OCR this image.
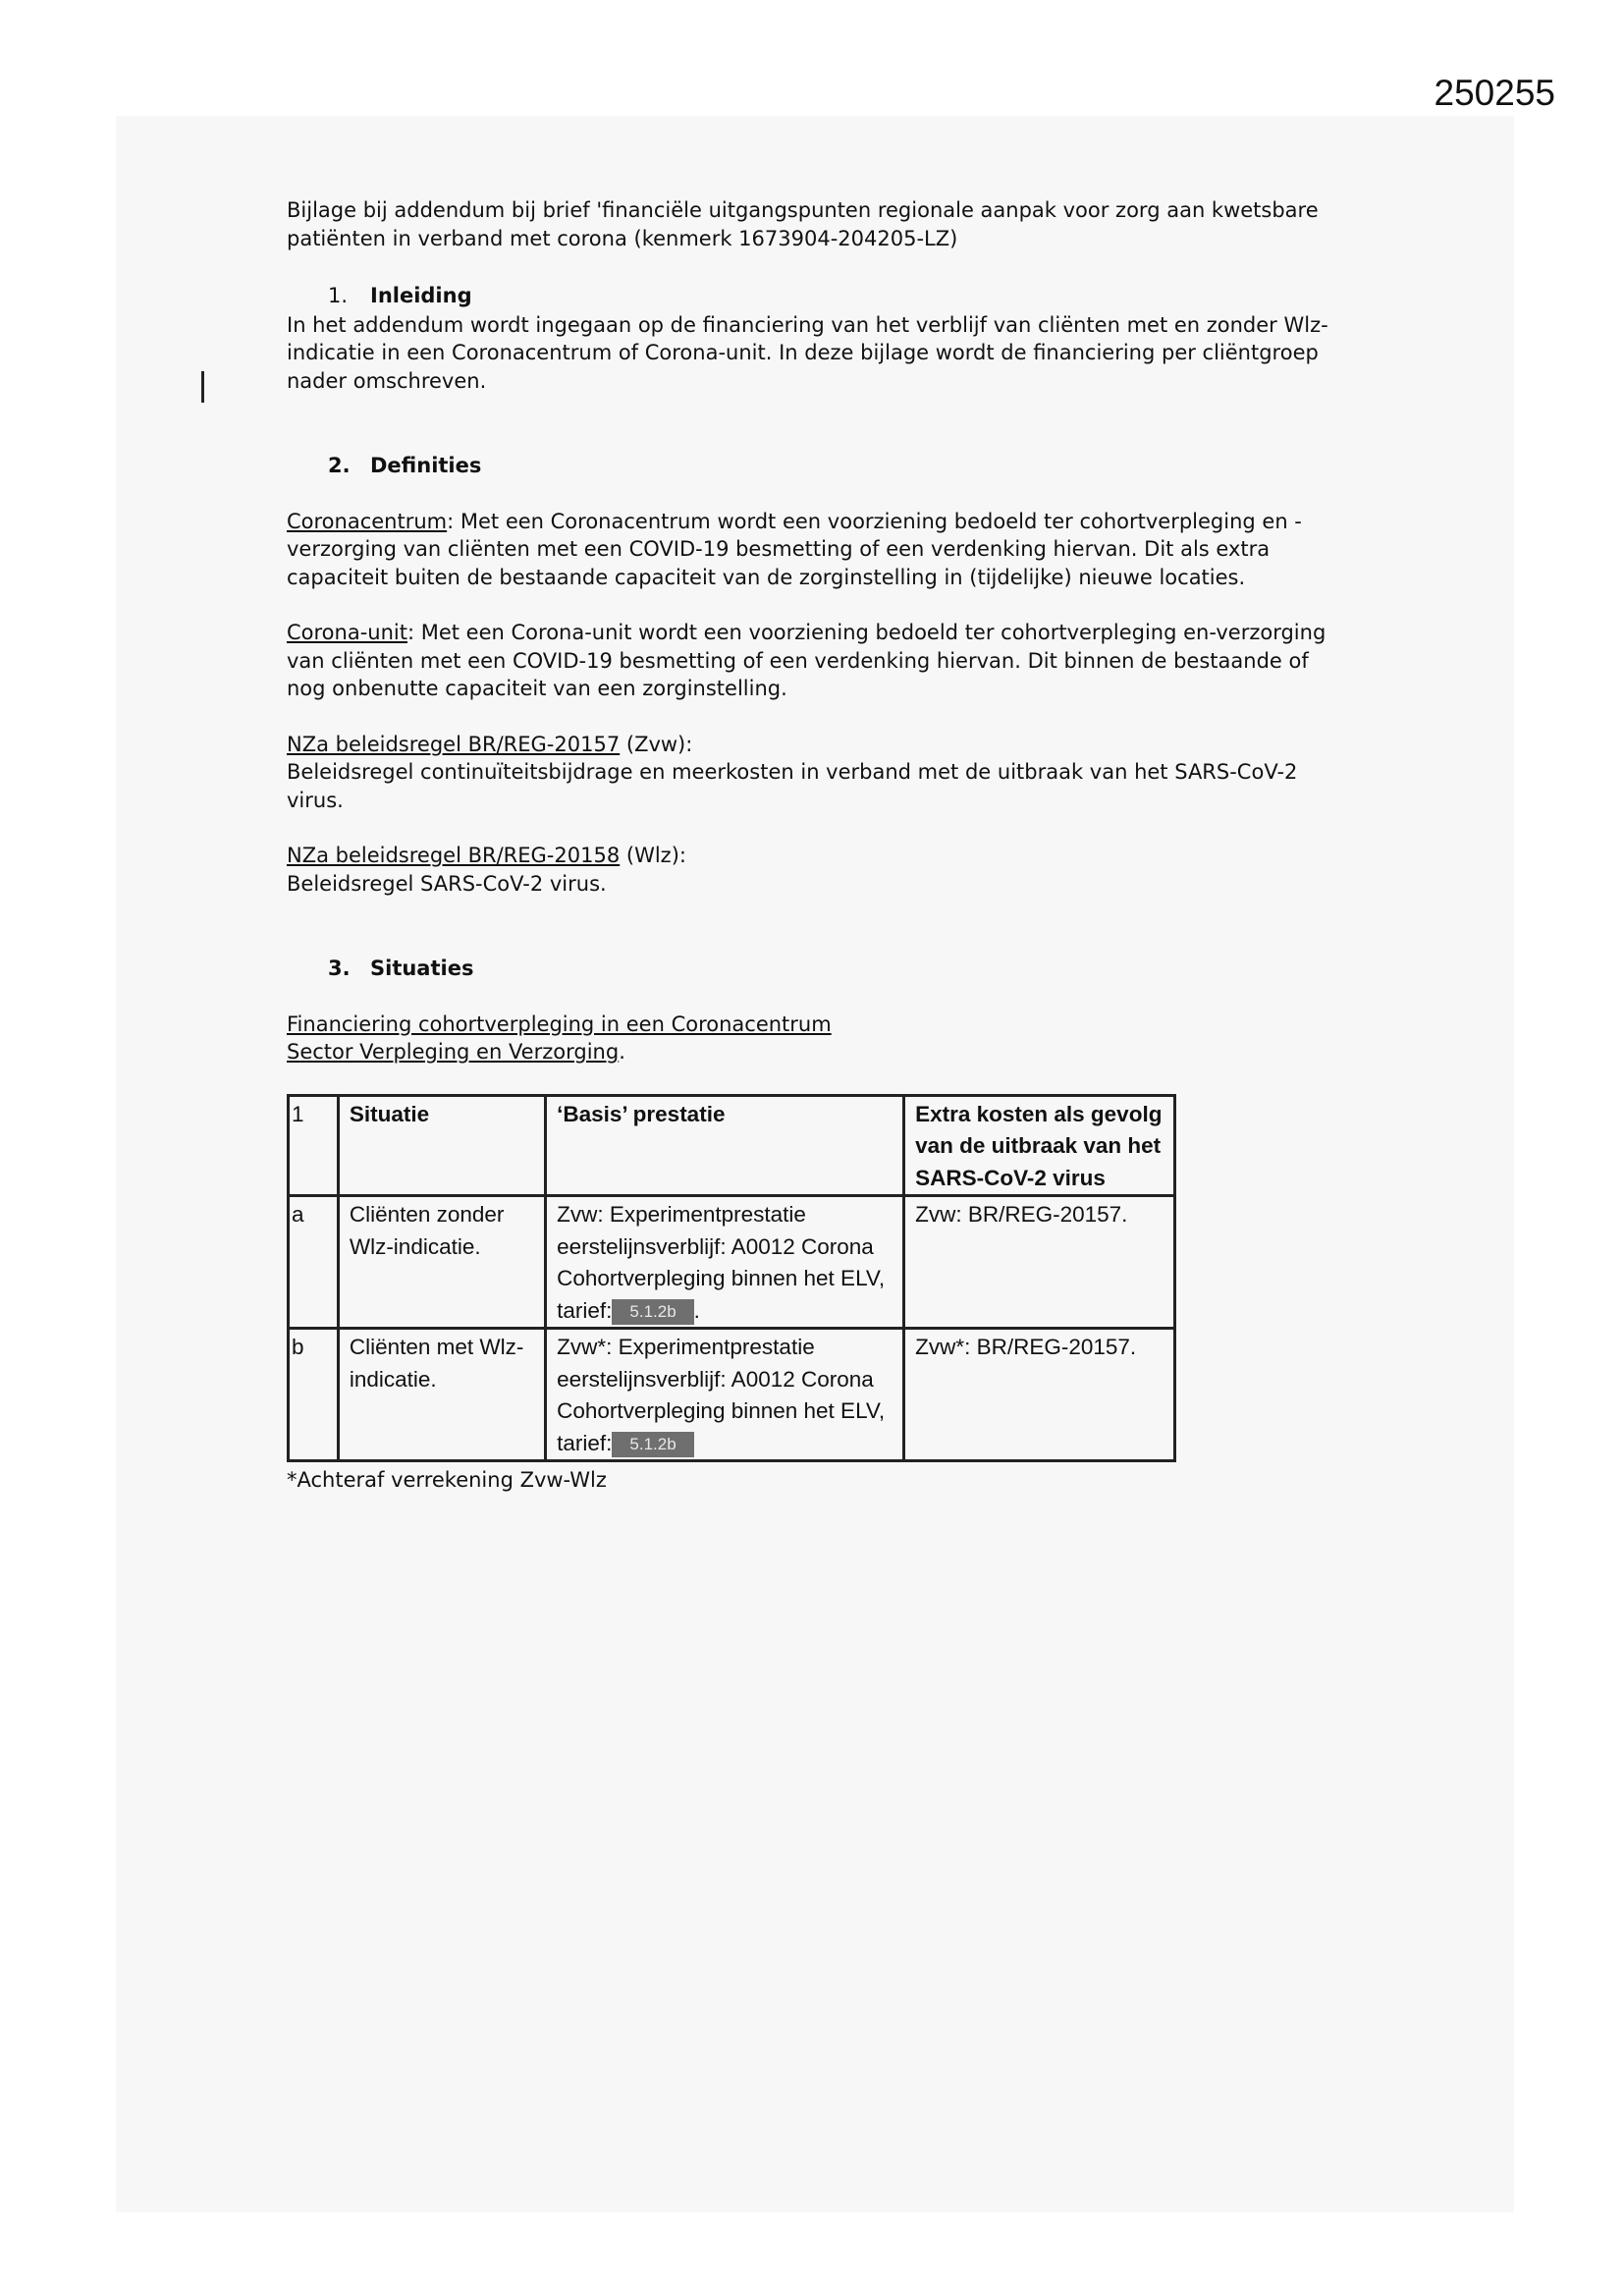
250255

Bijlage bij addendum bij brief 'financiële uitgangspunten regionale aanpak voor zorg aan kwetsbare patiënten in verband met corona (kenmerk 1673904-204205-LZ)

1. Inleiding

In het addendum wordt ingegaan op de financiering van het verblijf van cliënten met en zonder Wlz-indicatie in een Coronacentrum of Corona-unit. In deze bijlage wordt de financiering per cliëntgroep nader omschreven.

2. Definities

Coronacentrum: Met een Coronacentrum wordt een voorziening bedoeld ter cohortverpleging en -verzorging van cliënten met een COVID-19 besmetting of een verdenking hiervan. Dit als extra capaciteit buiten de bestaande capaciteit van de zorginstelling in (tijdelijke) nieuwe locaties.

Corona-unit: Met een Corona-unit wordt een voorziening bedoeld ter cohortverpleging en-verzorging van cliënten met een COVID-19 besmetting of een verdenking hiervan. Dit binnen de bestaande of nog onbenutte capaciteit van een zorginstelling.

NZa beleidsregel BR/REG-20157 (Zvw):
Beleidsregel continuïteitsbijdrage en meerkosten in verband met de uitbraak van het SARS-CoV-2 virus.
NZa beleidsregel BR/REG-20158 (Wlz):
Beleidsregel SARS-CoV-2 virus.
3. Situaties
Financiering cohortverpleging in een Coronacentrum
Sector Verpleging en Verzorging.
1	Situatie	‘Basis’ prestatie	Extra kosten als gevolg van de uitbraak van het SARS-CoV-2 virus
a	Cliënten zonder Wlz-indicatie.	Zvw: Experimentprestatie eerstelijnsverblijf: A0012 Corona Cohortverpleging binnen het ELV, tarief: 5.1.2b .	Zvw: BR/REG-20157.
b	Cliënten met Wlz-indicatie.	Zvw*: Experimentprestatie eerstelijnsverblijf: A0012 Corona Cohortverpleging binnen het ELV, tarief: 5.1.2b	Zvw*: BR/REG-20157.
*Achteraf verrekening Zvw-Wlz
